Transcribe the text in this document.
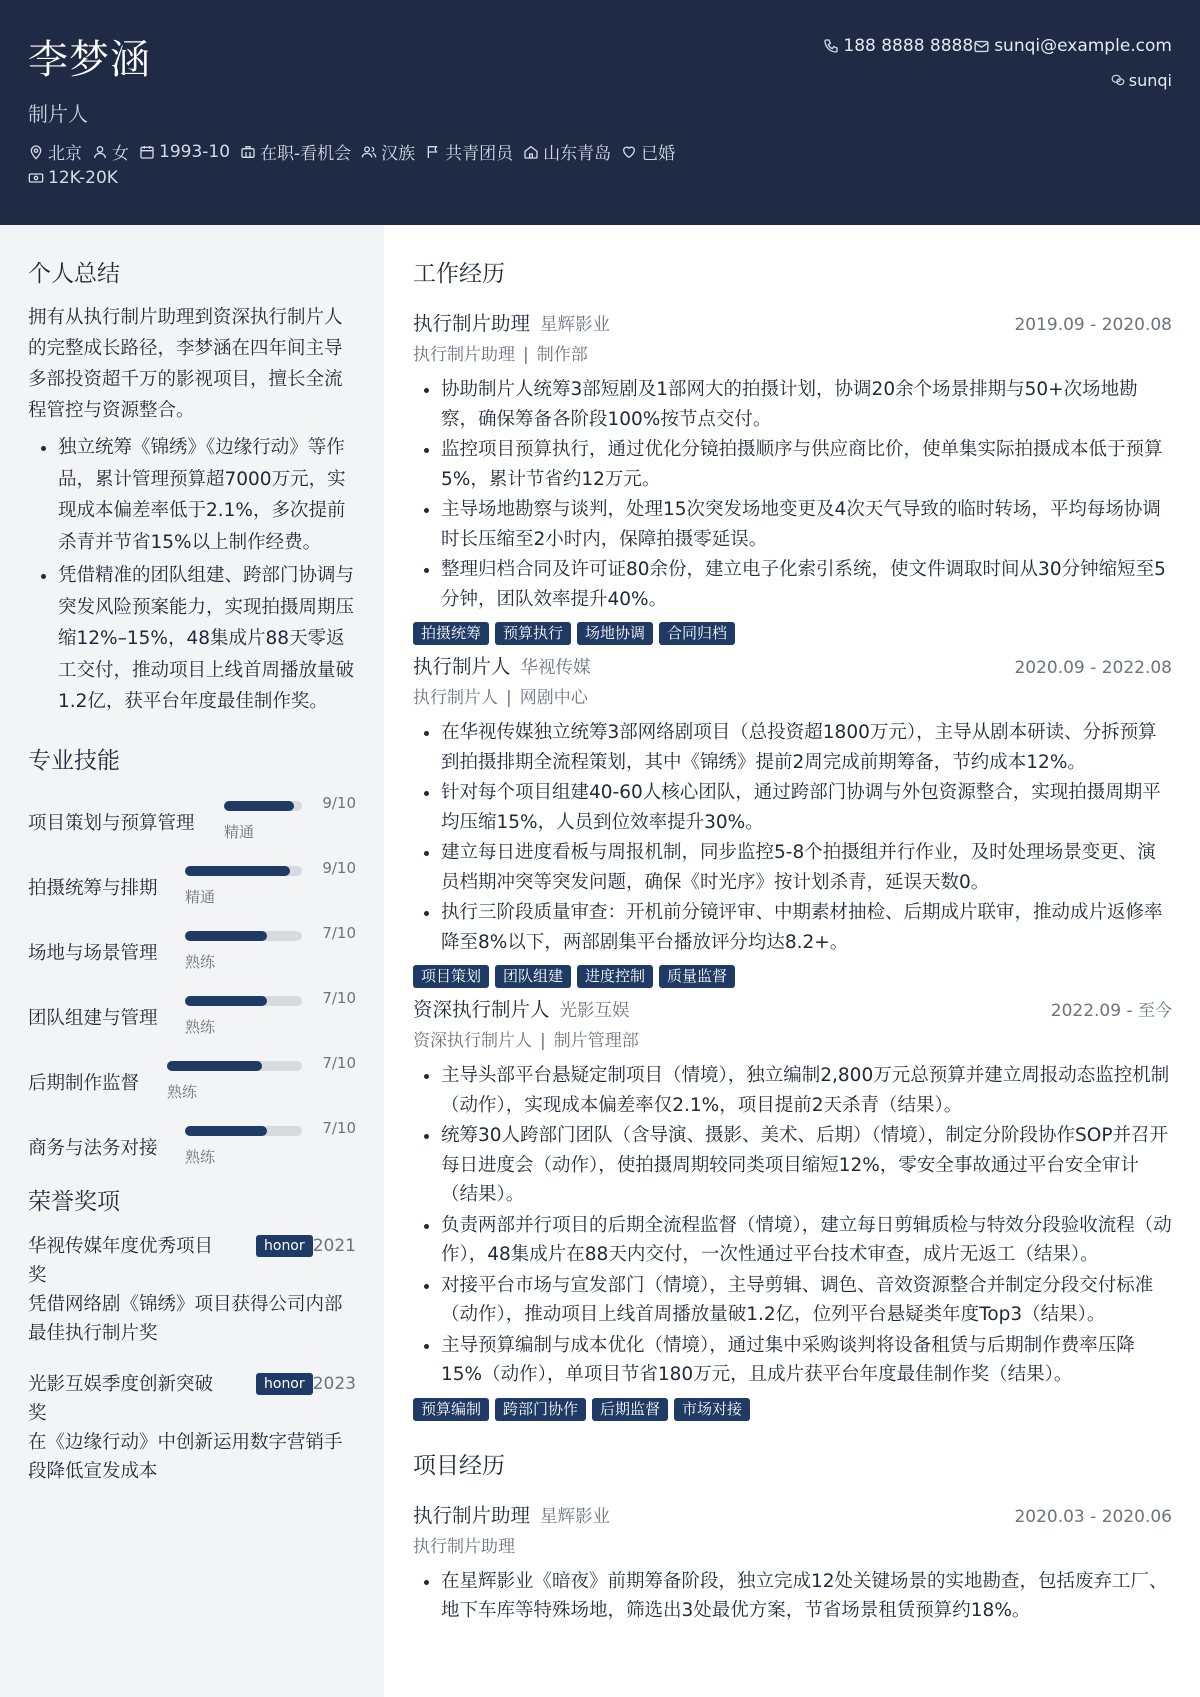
李梦涵
制片人
188 8888 8888 sunqi@example.com
sunqi
北京 女 1993-10 在职-看机会 汉族 共青团员 山东青岛 已婚
12K-20K
个人总结
拥有从执行制片助理到资深执行制片人的完整成长路径，李梦涵在四年间主导多部投资超千万的影视项目，擅长全流程管控与资源整合。
• 独立统筹《锦绣》《边缘行动》等作品，累计管理预算超7000万元，实现成本偏差率低于2.1%，多次提前杀青并节省15%以上制作经费。
• 凭借精准的团队组建、跨部门协调与突发风险预案能力，实现拍摄周期压缩12%–15%，48集成片88天零返工交付，推动项目上线首周播放量破1.2亿，获平台年度最佳制作奖。
专业技能
项目策划与预算管理 精通
9/10
拍摄统筹与排期 精通
9/10
场地与场景管理 熟练
7/10
团队组建与管理 熟练
7/10
后期制作监督 熟练
7/10
商务与法务对接 熟练
7/10
荣誉奖项
华视传媒年度优秀项目奖
honor 2021
凭借网络剧《锦绣》项目获得公司内部最佳执行制片奖
光影互娱季度创新突破奖
honor 2023
在《边缘行动》中创新运用数字营销手段降低宣发成本
工作经历
执行制片助理 星辉影业	2019.09 - 2020.08
执行制片助理 | 制作部
• 协助制片人统筹3部短剧及1部网大的拍摄计划，协调20余个场景排期与50+次场地勘察，确保筹备各阶段100%按节点交付。
• 监控项目预算执行，通过优化分镜拍摄顺序与供应商比价，使单集实际拍摄成本低于预算5%，累计节省约12万元。
• 主导场地勘察与谈判，处理15次突发场地变更及4次天气导致的临时转场，平均每场协调时长压缩至2小时内，保障拍摄零延误。
• 整理归档合同及许可证80余份，建立电子化索引系统，使文件调取时间从30分钟缩短至5分钟，团队效率提升40%。
拍摄统筹	预算执行	场地协调	合同归档
执行制片人 华视传媒	2020.09 - 2022.08
执行制片人 | 网剧中心
• 在华视传媒独立统筹3部网络剧项目（总投资超1800万元），主导从剧本研读、分拆预算到拍摄排期全流程策划，其中《锦绣》提前2周完成前期筹备，节约成本12%。
• 针对每个项目组建40-60人核心团队，通过跨部门协调与外包资源整合，实现拍摄周期平均压缩15%，人员到位效率提升30%。
• 建立每日进度看板与周报机制，同步监控5-8个拍摄组并行作业，及时处理场景变更、演员档期冲突等突发问题，确保《时光序》按计划杀青，延误天数0。
• 执行三阶段质量审查：开机前分镜评审、中期素材抽检、后期成片联审，推动成片返修率降至8%以下，两部剧集平台播放评分均达8.2+。
项目策划	团队组建	进度控制	质量监督
资深执行制片人 光影互娱	2022.09 - 至今
资深执行制片人 | 制片管理部
• 主导头部平台悬疑定制项目（情境），独立编制2,800万元总预算并建立周报动态监控机制（动作），实现成本偏差率仅2.1%，项目提前2天杀青（结果）。
• 统筹30人跨部门团队（含导演、摄影、美术、后期）（情境），制定分阶段协作SOP并召开每日进度会（动作），使拍摄周期较同类项目缩短12%，零安全事故通过平台安全审计（结果）。
• 负责两部并行项目的后期全流程监督（情境），建立每日剪辑质检与特效分段验收流程（动作），48集成片在88天内交付，一次性通过平台技术审查，成片无返工（结果）。
• 对接平台市场与宣发部门（情境），主导剪辑、调色、音效资源整合并制定分段交付标准（动作），推动项目上线首周播放量破1.2亿，位列平台悬疑类年度Top3（结果）。
• 主导预算编制与成本优化（情境），通过集中采购谈判将设备租赁与后期制作费率压降15%（动作），单项目节省180万元，且成片获平台年度最佳制作奖（结果）。
预算编制	跨部门协作	后期监督	市场对接
项目经历
执行制片助理 星辉影业	2020.03 - 2020.06
执行制片助理
• 在星辉影业《暗夜》前期筹备阶段，独立完成12处关键场景的实地勘查，包括废弃工厂、地下车库等特殊场地，筛选出3处最优方案，节省场景租赁预算约18%。
